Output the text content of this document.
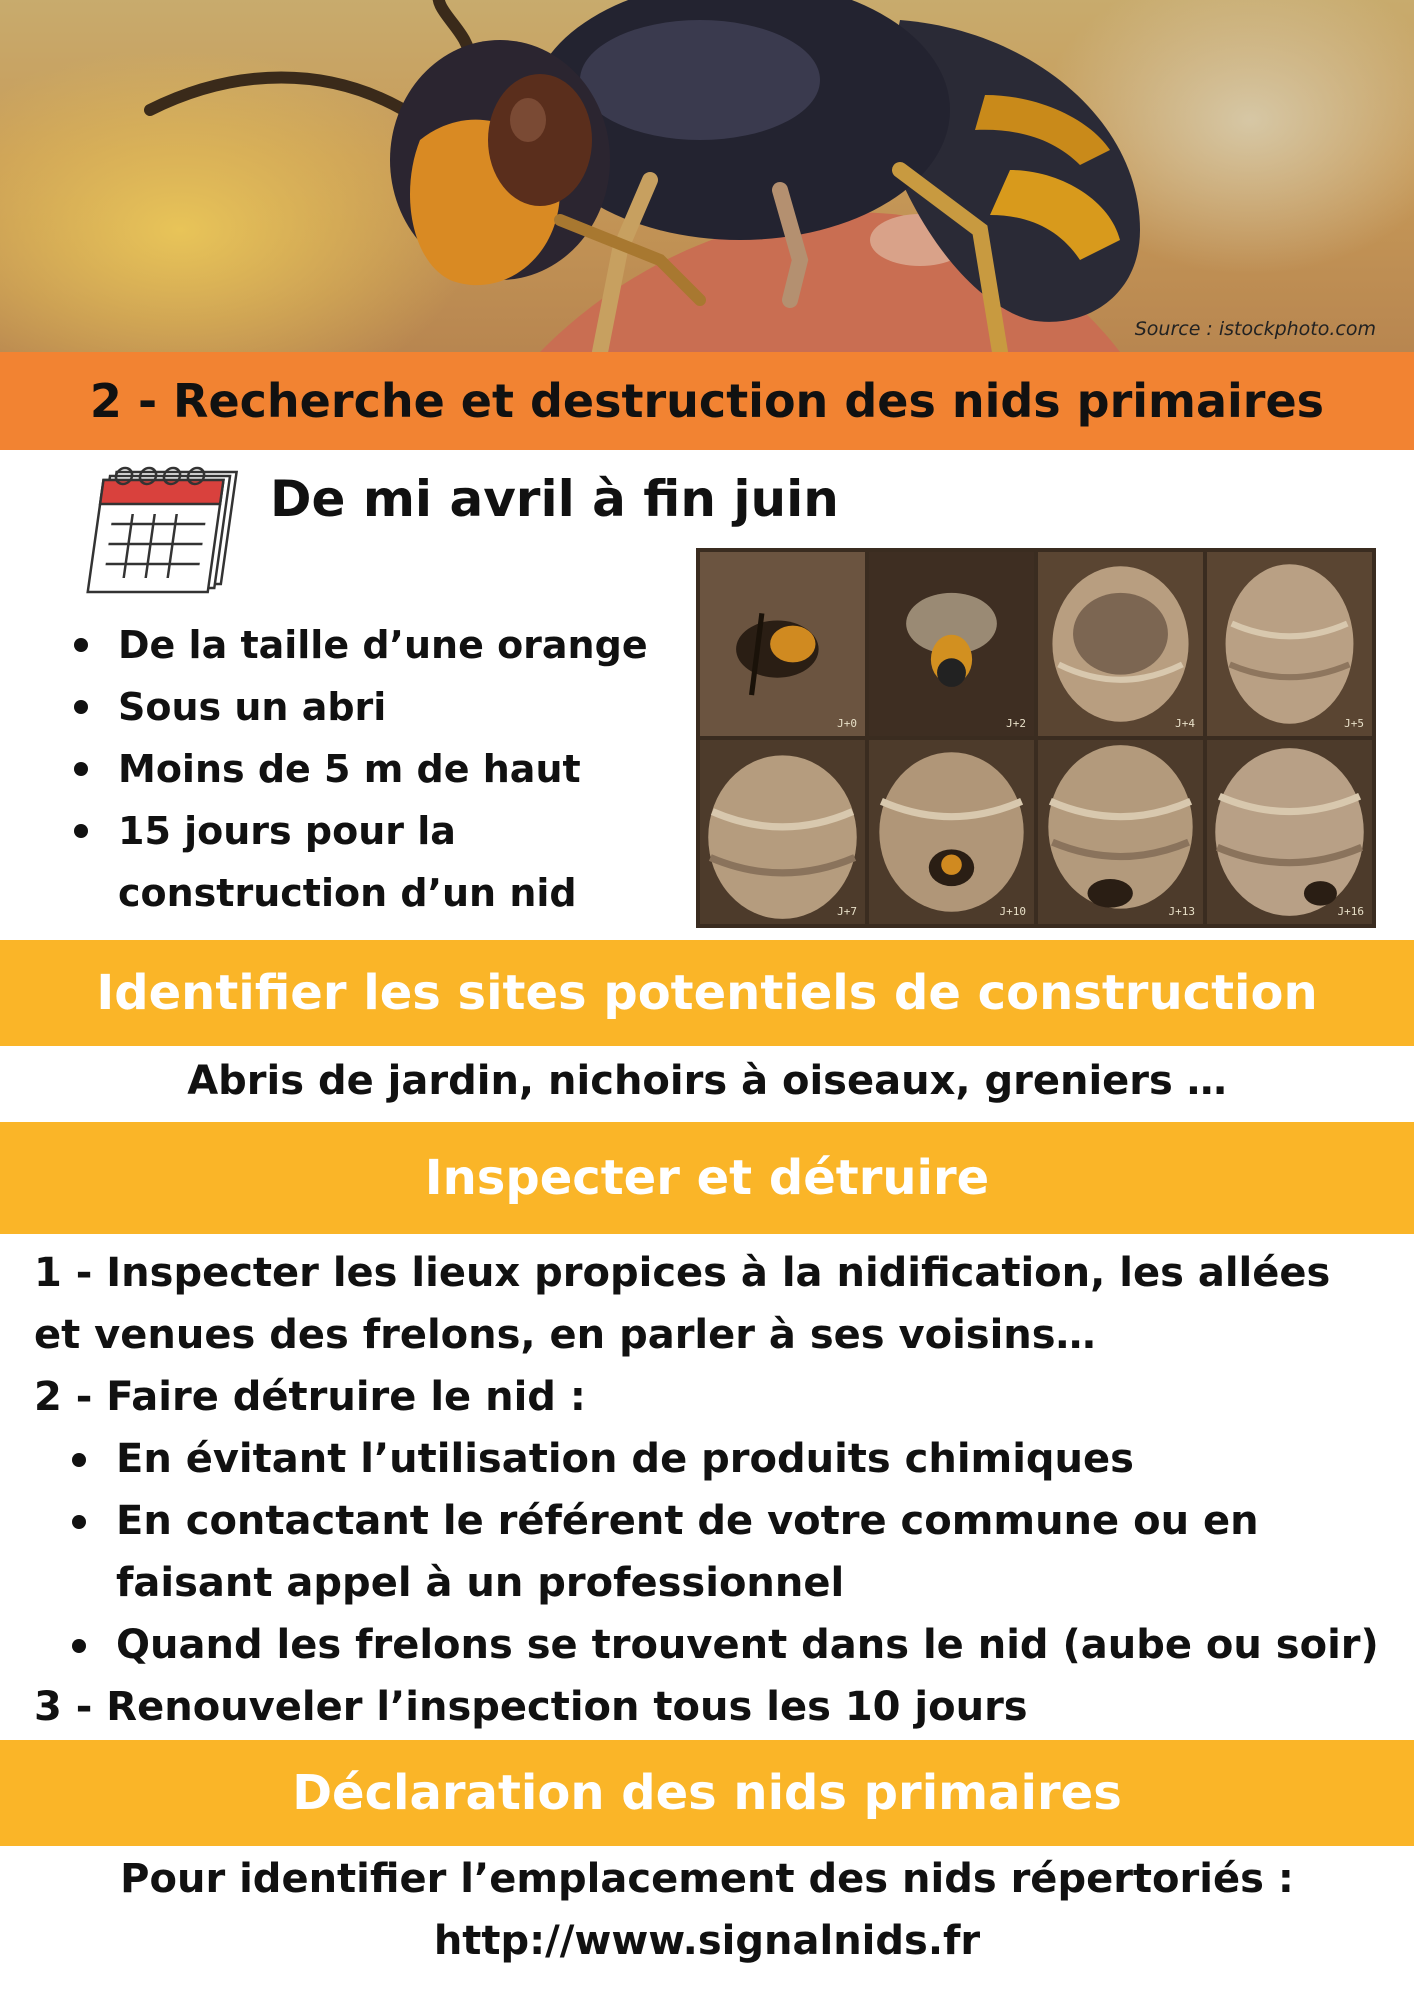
Source : istockphoto.com
2 - Recherche et destruction des nids primaires
De mi avril à fin juin
De la taille d’une orange
Sous un abri
Moins de 5 m de haut
15 jours pour la construction d’un nid
J+0	J+2	J+4	J+5
J+7	J+10	J+13	J+16
Identifier les sites potentiels de construction
Abris de jardin, nichoirs à oiseaux, greniers …
Inspecter et détruire

1 - Inspecter les lieux propices à la nidification, les allées et venues des frelons, en parler à ses voisins…

2 - Faire détruire le nid :

En évitant l’utilisation de produits chimiques
En contactant le référent de votre commune ou en faisant appel à un professionnel
Quand les frelons se trouvent dans le nid (aube ou soir)

3 - Renouveler l’inspection tous les 10 jours

Déclaration des nids primaires
Pour identifier l’emplacement des nids répertoriés :
http://www.signalnids.fr
